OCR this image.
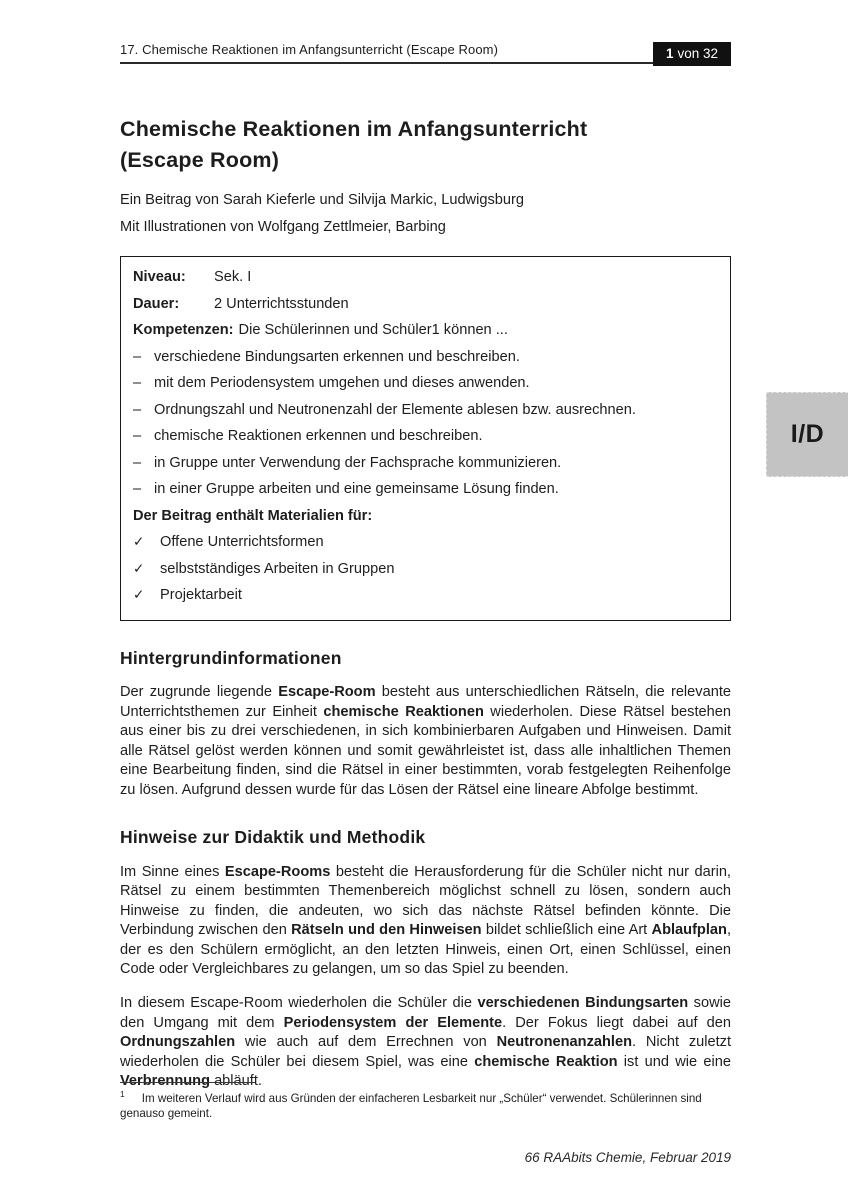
17. Chemische Reaktionen im Anfangsunterricht (Escape Room)	1 von 32
Chemische Reaktionen im Anfangsunterricht
(Escape Room)
Ein Beitrag von Sarah Kieferle und Silvija Markic, Ludwigsburg
Mit Illustrationen von Wolfgang Zettlmeier, Barbing
Niveau:	Sek. I
Dauer:	2 Unterrichtsstunden
Kompetenzen: Die Schülerinnen und Schüler1 können ...
– verschiedene Bindungsarten erkennen und beschreiben.
– mit dem Periodensystem umgehen und dieses anwenden.
– Ordnungszahl und Neutronenzahl der Elemente ablesen bzw. ausrechnen.
– chemische Reaktionen erkennen und beschreiben.
– in Gruppe unter Verwendung der Fachsprache kommunizieren.
– in einer Gruppe arbeiten und eine gemeinsame Lösung finden.
Der Beitrag enthält Materialien für:
✓	Offene Unterrichtsformen
✓	selbstständiges Arbeiten in Gruppen
✓	Projektarbeit
Hintergrundinformationen

Der zugrunde liegende Escape-Room besteht aus unterschiedlichen Rätseln, die relevante Unterrichtsthemen zur Einheit chemische Reaktionen wiederholen. Diese Rätsel bestehen aus einer bis zu drei verschiedenen, in sich kombinierbaren Aufgaben und Hinweisen. Damit alle Rätsel gelöst werden können und somit gewährleistet ist, dass alle inhaltlichen Themen eine Bearbeitung finden, sind die Rätsel in einer bestimmten, vorab festgelegten Reihenfolge zu lösen. Aufgrund dessen wurde für das Lösen der Rätsel eine lineare Abfolge bestimmt.

Hinweise zur Didaktik und Methodik

Im Sinne eines Escape-Rooms besteht die Herausforderung für die Schüler nicht nur darin, Rätsel zu einem bestimmten Themenbereich möglichst schnell zu lösen, sondern auch Hinweise zu finden, die andeuten, wo sich das nächste Rätsel befinden könnte. Die Verbindung zwischen den Rätseln und den Hinweisen bildet schließlich eine Art Ablaufplan, der es den Schülern ermöglicht, an den letzten Hinweis, einen Ort, einen Schlüssel, einen Code oder Vergleichbares zu gelangen, um so das Spiel zu beenden.

In diesem Escape-Room wiederholen die Schüler die verschiedenen Bindungsarten sowie den Umgang mit dem Periodensystem der Elemente. Der Fokus liegt dabei auf den Ordnungszahlen wie auch auf dem Errechnen von Neutronenanzahlen. Nicht zuletzt wiederholen die Schüler bei diesem Spiel, was eine chemische Reaktion ist und wie eine Verbrennung abläuft.

$^1$ Im weiteren Verlauf wird aus Gründen der einfacheren Lesbarkeit nur „Schüler“ verwendet. Schülerinnen sind genauso gemeint.
66 RAAbits Chemie, Februar 2019
I/D
